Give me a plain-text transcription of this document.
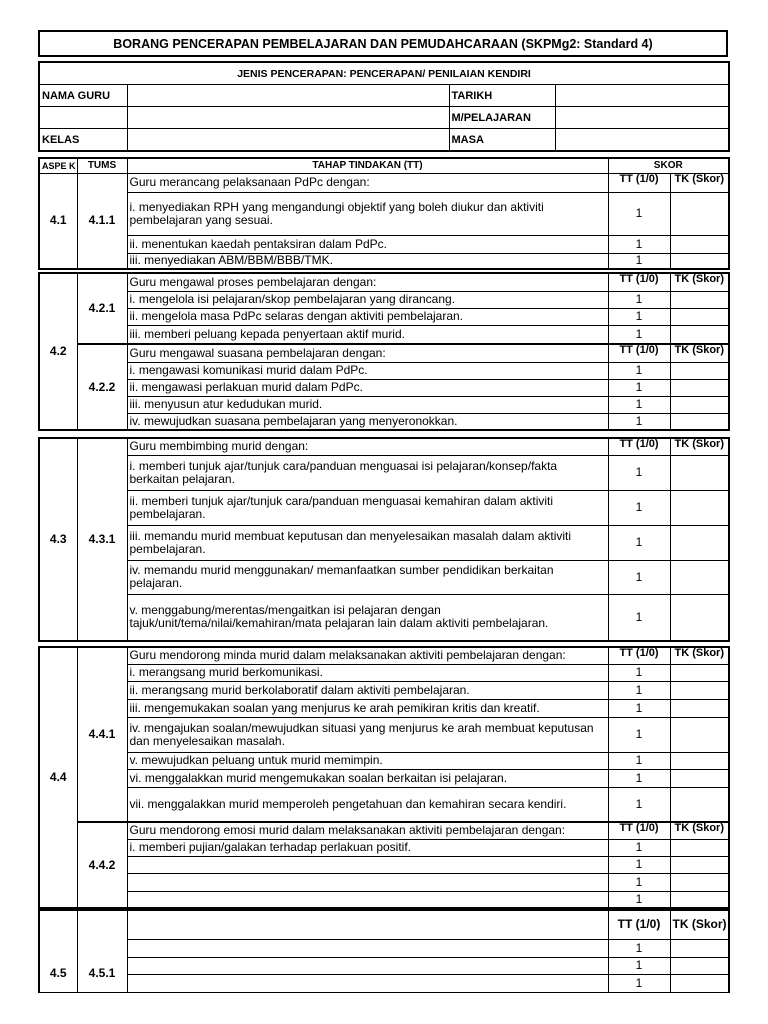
BORANG PENCERAPAN PEMBELAJARAN DAN PEMUDAHCARAAN (SKPMg2: Standard 4)
JENIS PENCERAPAN: PENCERAPAN/ PENILAIAN KENDIRI			
NAMA GURU		TARIKH	
		M/PELAJARAN	
KELAS		MASA	
ASPE K	TUMS	TAHAP TINDAKAN (TT)	SKOR	
4.1	4.1.1	Guru merancang pelaksanaan PdPc dengan:	TT (1/0)	TK (Skor)
		i. menyediakan RPH yang mengandungi objektif yang boleh diukur dan aktiviti pembelajaran yang sesuai.	1	
		ii. menentukan kaedah pentaksiran dalam PdPc.	1	
		iii. menyediakan ABM/BBM/BBB/TMK.	1	
4.2	4.2.1	Guru mengawal proses pembelajaran dengan:	TT (1/0)	TK (Skor)
		i. mengelola isi pelajaran/skop pembelajaran yang dirancang.	1	
		ii. mengelola masa PdPc selaras dengan aktiviti pembelajaran.	1	
		iii. memberi peluang kepada penyertaan aktif murid.	1	
	4.2.2	Guru mengawal suasana pembelajaran dengan:	TT (1/0)	TK (Skor)
		i. mengawasi komunikasi murid dalam PdPc.	1	
		ii. mengawasi perlakuan murid dalam PdPc.	1	
		iii. menyusun atur kedudukan murid.	1	
		iv. mewujudkan suasana pembelajaran yang menyeronokkan.	1	
4.3	4.3.1	Guru membimbing murid dengan:	TT (1/0)	TK (Skor)
		i. memberi tunjuk ajar/tunjuk cara/panduan menguasai isi pelajaran/konsep/fakta berkaitan pelajaran.	1	
		ii. memberi tunjuk ajar/tunjuk cara/panduan menguasai kemahiran dalam aktiviti pembelajaran.	1	
		iii. memandu murid membuat keputusan dan menyelesaikan masalah dalam aktiviti pembelajaran.	1	
		iv. memandu murid menggunakan/ memanfaatkan sumber pendidikan berkaitan pelajaran.	1	
		v. menggabung/merentas/mengaitkan isi pelajaran dengan tajuk/unit/tema/nilai/kemahiran/mata pelajaran lain dalam aktiviti pembelajaran.	1	
4.4	4.4.1	Guru mendorong minda murid dalam melaksanakan aktiviti pembelajaran dengan:	TT (1/0)	TK (Skor)
		i. merangsang murid berkomunikasi.	1	
		ii. merangsang murid berkolaboratif dalam aktiviti pembelajaran.	1	
		iii. mengemukakan soalan yang menjurus ke arah pemikiran kritis dan kreatif.	1	
		iv. mengajukan soalan/mewujudkan situasi yang menjurus ke arah membuat keputusan dan menyelesaikan masalah.	1	
		v. mewujudkan peluang untuk murid memimpin.	1	
		vi. menggalakkan murid mengemukakan soalan berkaitan isi pelajaran.	1	
		vii. menggalakkan murid memperoleh pengetahuan dan kemahiran secara kendiri.	1	
	4.4.2	Guru mendorong emosi murid dalam melaksanakan aktiviti pembelajaran dengan:	TT (1/0)	TK (Skor)
		i. memberi pujian/galakan terhadap perlakuan positif.	1	
			1	
			1	
			1	
4.5	4.5.1		TT (1/0)	TK (Skor)
			1	
			1	
			1	
